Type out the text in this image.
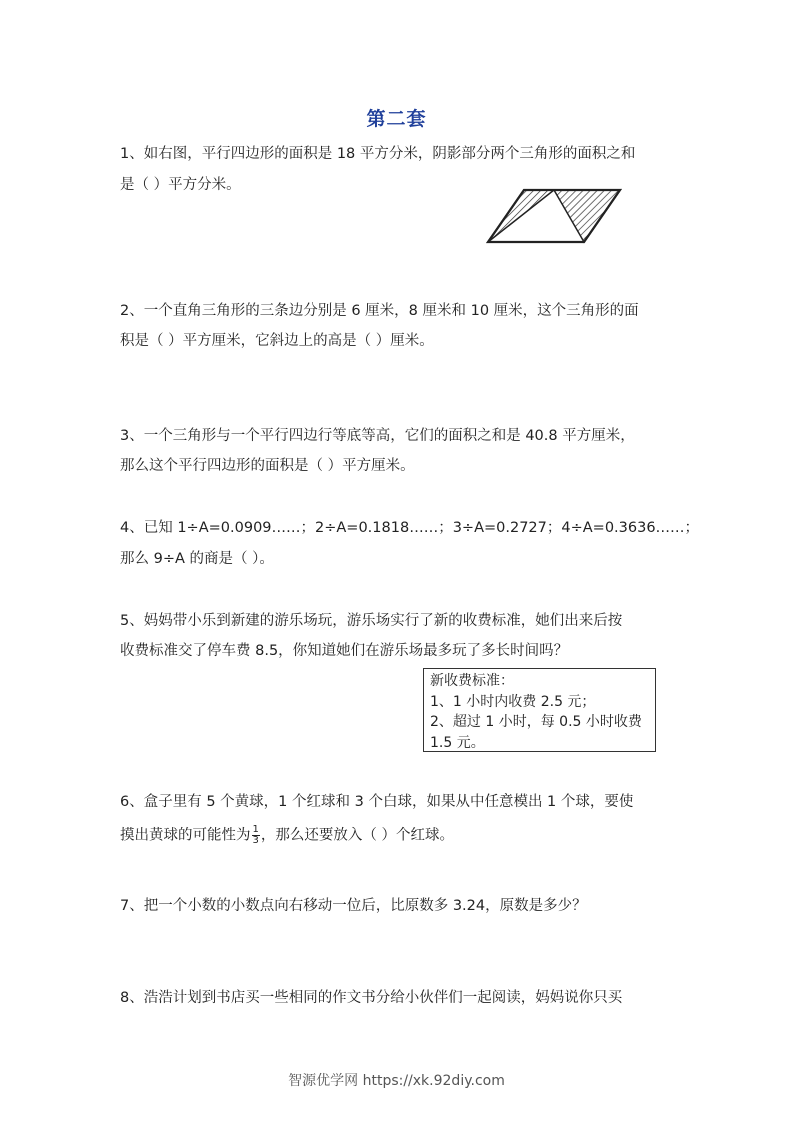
第二套
1、如右图，平行四边形的面积是 18 平方分米，阴影部分两个三角形的面积之和
是（ ）平方分米。
2、一个直角三角形的三条边分别是 6 厘米，8 厘米和 10 厘米，这个三角形的面
积是（ ）平方厘米，它斜边上的高是（ ）厘米。
3、一个三角形与一个平行四边行等底等高，它们的面积之和是 40.8 平方厘米，
那么这个平行四边形的面积是（ ）平方厘米。
4、已知 1÷A=0.0909……；2÷A=0.1818……；3÷A=0.2727；4÷A=0.3636……；
那么 9÷A 的商是（ ）。
5、妈妈带小乐到新建的游乐场玩，游乐场实行了新的收费标准，她们出来后按
收费标准交了停车费 8.5，你知道她们在游乐场最多玩了多长时间吗？
新收费标准：
1、1 小时内收费 2.5 元；
2、超过 1 小时，每 0.5 小时收费
1.5 元。
6、盒子里有 5 个黄球，1 个红球和 3 个白球，如果从中任意模出 1 个球，要使
摸出黄球的可能性为 $\frac{1}{3}$ ，那么还要放入（ ）个红球。
7、把一个小数的小数点向右移动一位后，比原数多 3.24，原数是多少？
8、浩浩计划到书店买一些相同的作文书分给小伙伴们一起阅读，妈妈说你只买
智源优学网 https://xk.92diy.com
